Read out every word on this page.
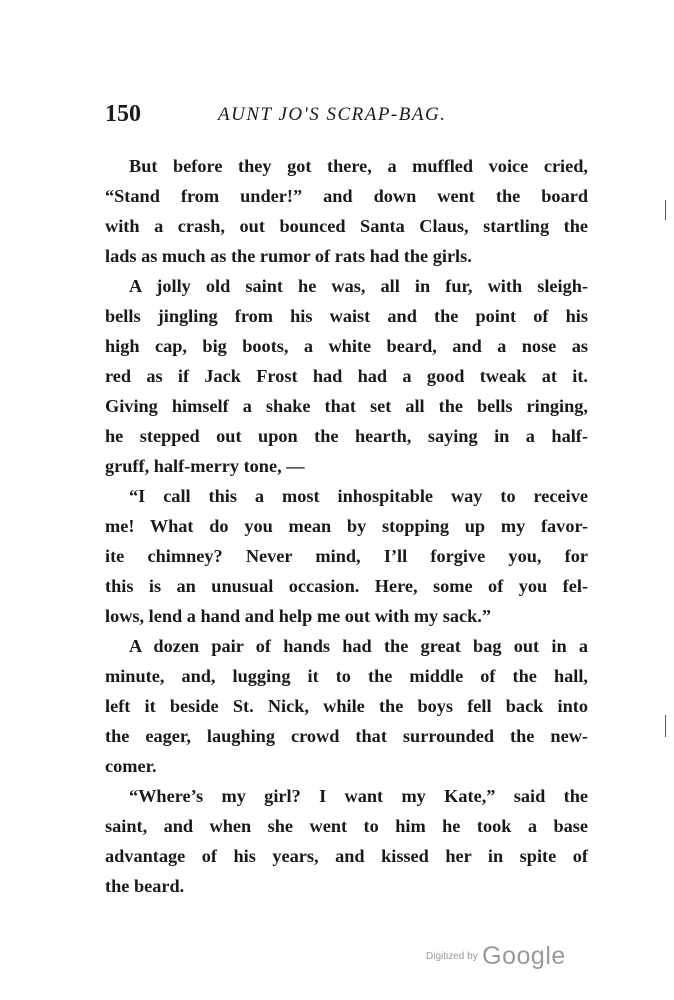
150	AUNT JO'S SCRAP-BAG.
But before they got there, a muffled voice cried,
“Stand from under!” and down went the board
with a crash, out bounced Santa Claus, startling the
lads as much as the rumor of rats had the girls.
A jolly old saint he was, all in fur, with sleigh-
bells jingling from his waist and the point of his
high cap, big boots, a white beard, and a nose as
red as if Jack Frost had had a good tweak at it.
Giving himself a shake that set all the bells ringing,
he stepped out upon the hearth, saying in a half-
gruff, half-merry tone, —
“I call this a most inhospitable way to receive
me! What do you mean by stopping up my favor-
ite chimney? Never mind, I’ll forgive you, for
this is an unusual occasion. Here, some of you fel-
lows, lend a hand and help me out with my sack.”
A dozen pair of hands had the great bag out in a
minute, and, lugging it to the middle of the hall,
left it beside St. Nick, while the boys fell back into
the eager, laughing crowd that surrounded the new-
comer.
“Where’s my girl? I want my Kate,” said the
saint, and when she went to him he took a base
advantage of his years, and kissed her in spite of
the beard.
Digitized by Google
